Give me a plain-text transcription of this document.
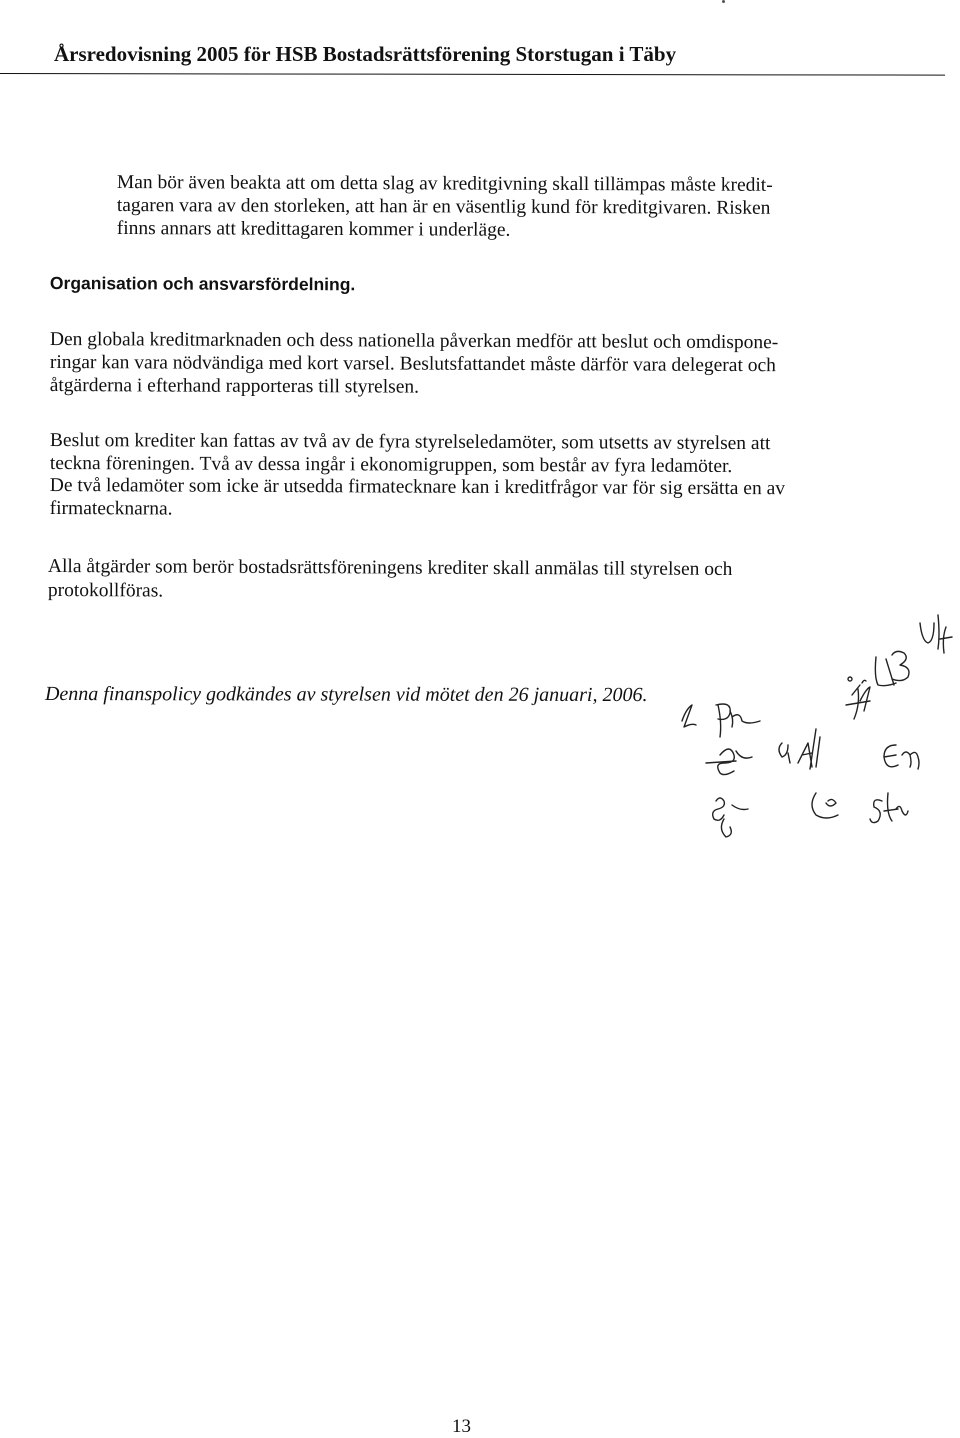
Årsredovisning 2005 för HSB Bostadsrättsförening Storstugan i Täby
Man bör även beakta att om detta slag av kreditgivning skall tillämpas måste kredit-
tagaren vara av den storleken, att han är en väsentlig kund för kreditgivaren. Risken
finns annars att kredittagaren kommer i underläge.
Organisation och ansvarsfördelning.
Den globala kreditmarknaden och dess nationella påverkan medför att beslut och omdispone-
ringar kan vara nödvändiga med kort varsel. Beslutsfattandet måste därför vara delegerat och
åtgärderna i efterhand rapporteras till styrelsen.
Beslut om krediter kan fattas av två av de fyra styrelseledamöter, som utsetts av styrelsen att
teckna föreningen. Två av dessa ingår i ekonomigruppen, som består av fyra ledamöter.
De två ledamöter som icke är utsedda firmatecknare kan i kreditfrågor var för sig ersätta en av
firmatecknarna.
Alla åtgärder som berör bostadsrättsföreningens krediter skall anmälas till styrelsen och
protokollföras.
Denna finanspolicy godkändes av styrelsen vid mötet den 26 januari, 2006.
13
